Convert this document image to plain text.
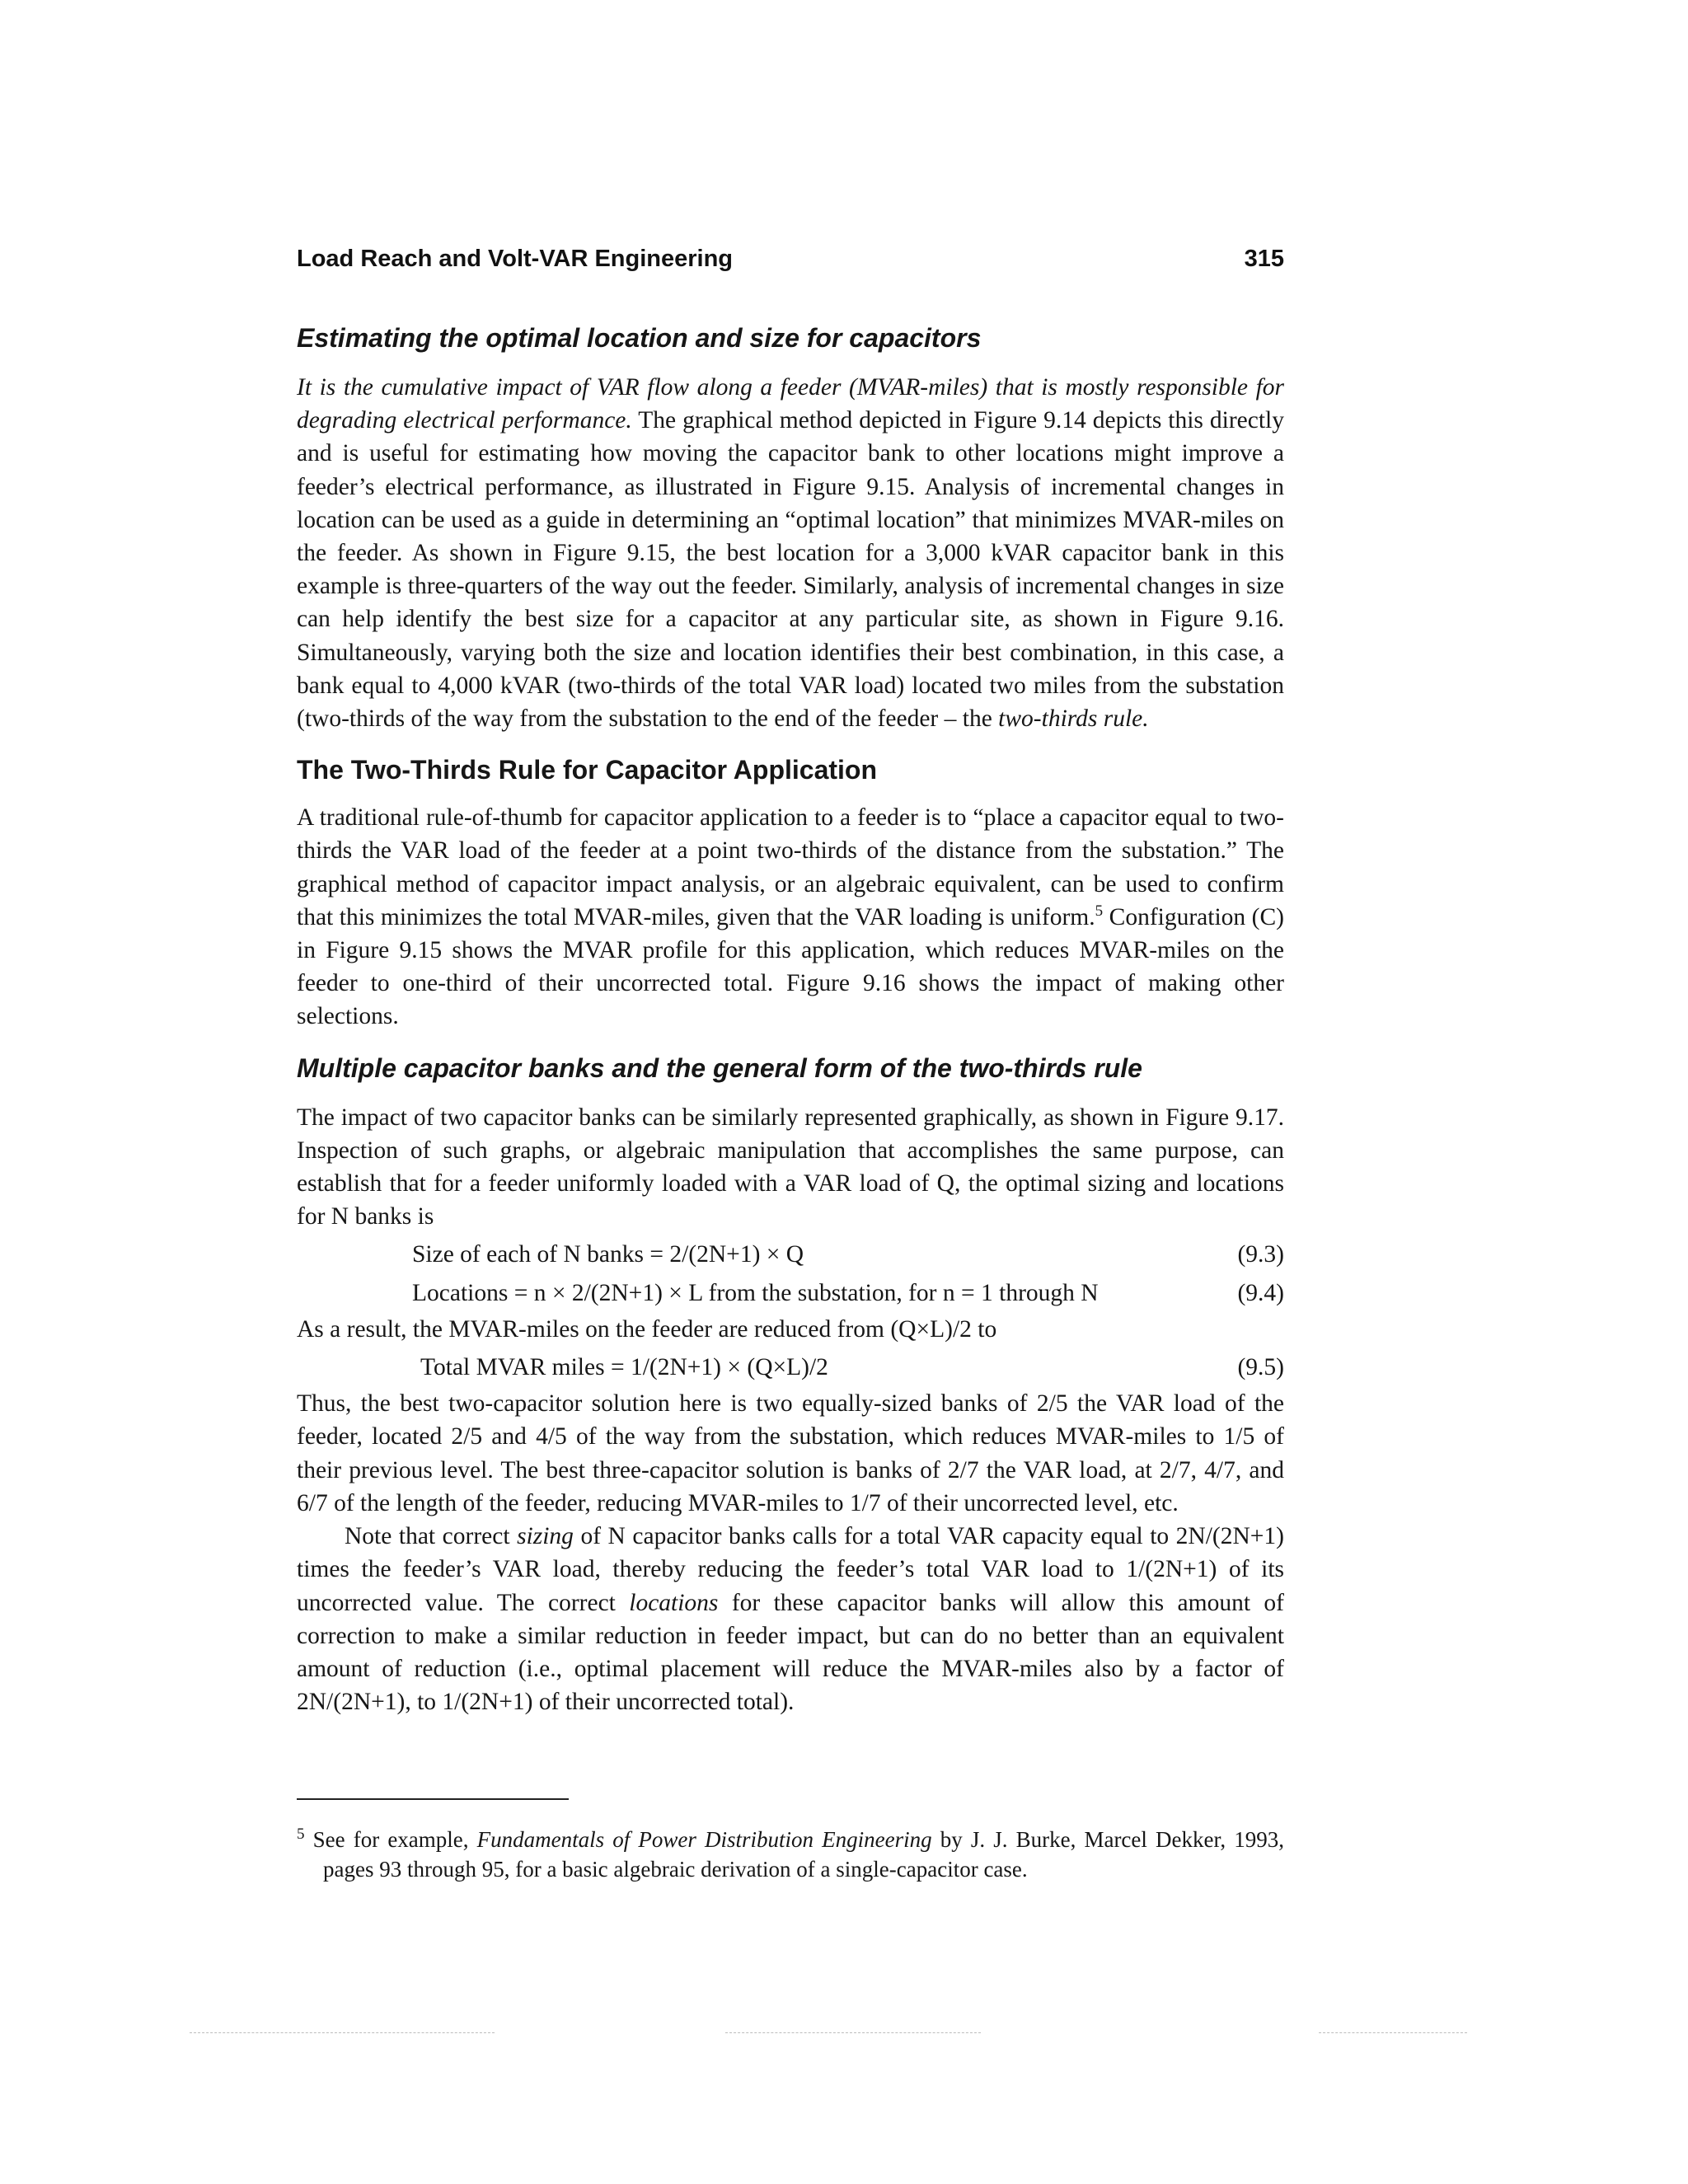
Load Reach and Volt-VAR Engineering	315
Estimating the optimal location and size for capacitors

It is the cumulative impact of VAR flow along a feeder (MVAR-miles) that is mostly responsible for degrading electrical performance. The graphical method depicted in Figure 9.14 depicts this directly and is useful for estimating how moving the capacitor bank to other locations might improve a feeder’s electrical performance, as illustrated in Figure 9.15. Analysis of incremental changes in location can be used as a guide in determining an “optimal location” that minimizes MVAR-miles on the feeder. As shown in Figure 9.15, the best location for a 3,000 kVAR capacitor bank in this example is three-quarters of the way out the feeder. Similarly, analysis of incremental changes in size can help identify the best size for a capacitor at any particular site, as shown in Figure 9.16. Simultaneously, varying both the size and location identifies their best combination, in this case, a bank equal to 4,000 kVAR (two-thirds of the total VAR load) located two miles from the substation (two-thirds of the way from the substation to the end of the feeder – the two-thirds rule.

The Two-Thirds Rule for Capacitor Application

A traditional rule-of-thumb for capacitor application to a feeder is to “place a capacitor equal to two-thirds the VAR load of the feeder at a point two-thirds of the distance from the substation.” The graphical method of capacitor impact analysis, or an algebraic equivalent, can be used to confirm that this minimizes the total MVAR-miles, given that the VAR loading is uniform.$^5$ Configuration (C) in Figure 9.15 shows the MVAR profile for this application, which reduces MVAR-miles on the feeder to one-third of their uncorrected total. Figure 9.16 shows the impact of making other selections.

Multiple capacitor banks and the general form of the two-thirds rule

The impact of two capacitor banks can be similarly represented graphically, as shown in Figure 9.17. Inspection of such graphs, or algebraic manipulation that accomplishes the same purpose, can establish that for a feeder uniformly loaded with a VAR load of Q, the optimal sizing and locations for N banks is

Size of each of N banks = 2/(2N+1) × Q	(9.3)
Locations = n × 2/(2N+1) × L from the substation, for n = 1 through N	(9.4)

As a result, the MVAR-miles on the feeder are reduced from (Q×L)/2 to

Total MVAR miles = 1/(2N+1) × (Q×L)/2	(9.5)

Thus, the best two-capacitor solution here is two equally-sized banks of 2/5 the VAR load of the feeder, located 2/5 and 4/5 of the way from the substation, which reduces MVAR-miles to 1/5 of their previous level. The best three-capacitor solution is banks of 2/7 the VAR load, at 2/7, 4/7, and 6/7 of the length of the feeder, reducing MVAR-miles to 1/7 of their uncorrected level, etc.

Note that correct sizing of N capacitor banks calls for a total VAR capacity equal to 2N/(2N+1) times the feeder’s VAR load, thereby reducing the feeder’s total VAR load to 1/(2N+1) of its uncorrected value. The correct locations for these capacitor banks will allow this amount of correction to make a similar reduction in feeder impact, but can do no better than an equivalent amount of reduction (i.e., optimal placement will reduce the MVAR-miles also by a factor of 2N/(2N+1), to 1/(2N+1) of their uncorrected total).

$^5$ See for example, Fundamentals of Power Distribution Engineering by J. J. Burke, Marcel Dekker, 1993, pages 93 through 95, for a basic algebraic derivation of a single-capacitor case.
